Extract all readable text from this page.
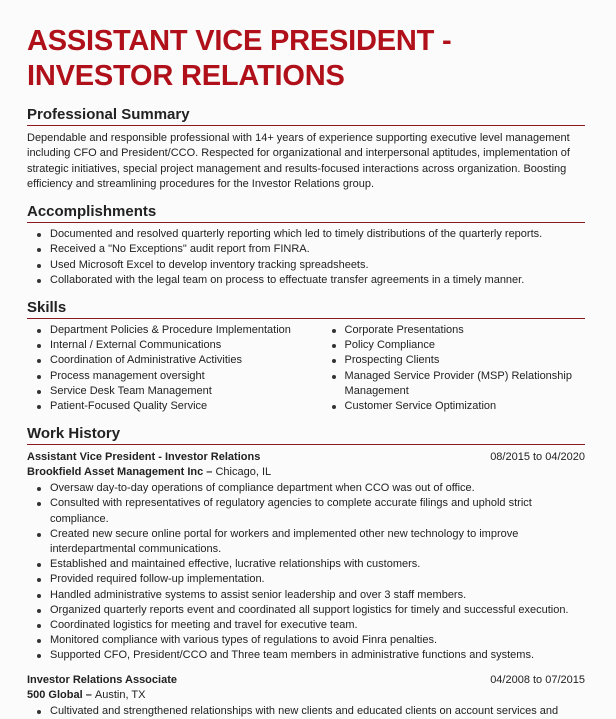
ASSISTANT VICE PRESIDENT -
INVESTOR RELATIONS
Professional Summary

Dependable and responsible professional with 14+ years of experience supporting executive level management including CFO and President/CCO. Respected for organizational and interpersonal aptitudes, implementation of strategic initiatives, special project management and results-focused interactions across organization. Boosting efficiency and streamlining procedures for the Investor Relations group.

Accomplishments
Documented and resolved quarterly reporting which led to timely distributions of the quarterly reports.
Received a "No Exceptions" audit report from FINRA.
Used Microsoft Excel to develop inventory tracking spreadsheets.
Collaborated with the legal team on process to effectuate transfer agreements in a timely manner.
Skills
Department Policies & Procedure Implementation
Internal / External Communications
Coordination of Administrative Activities
Process management oversight
Service Desk Team Management
Patient-Focused Quality Service
Corporate Presentations
Policy Compliance
Prospecting Clients
Managed Service Provider (MSP) Relationship Management
Customer Service Optimization
Work History
Assistant Vice President - Investor Relations	08/2015 to 04/2020
Brookfield Asset Management Inc – Chicago, IL
Oversaw day-to-day operations of compliance department when CCO was out of office.
Consulted with representatives of regulatory agencies to complete accurate filings and uphold strict compliance.
Created new secure online portal for workers and implemented other new technology to improve interdepartmental communications.
Established and maintained effective, lucrative relationships with customers.
Provided required follow-up implementation.
Handled administrative systems to assist senior leadership and over 3 staff members.
Organized quarterly reports event and coordinated all support logistics for timely and successful execution.
Coordinated logistics for meeting and travel for executive team.
Monitored compliance with various types of regulations to avoid Finra penalties.
Supported CFO, President/CCO and Three team members in administrative functions and systems.
Investor Relations Associate	04/2008 to 07/2015
500 Global – Austin, TX
Cultivated and strengthened relationships with new clients and educated clients on account services and
